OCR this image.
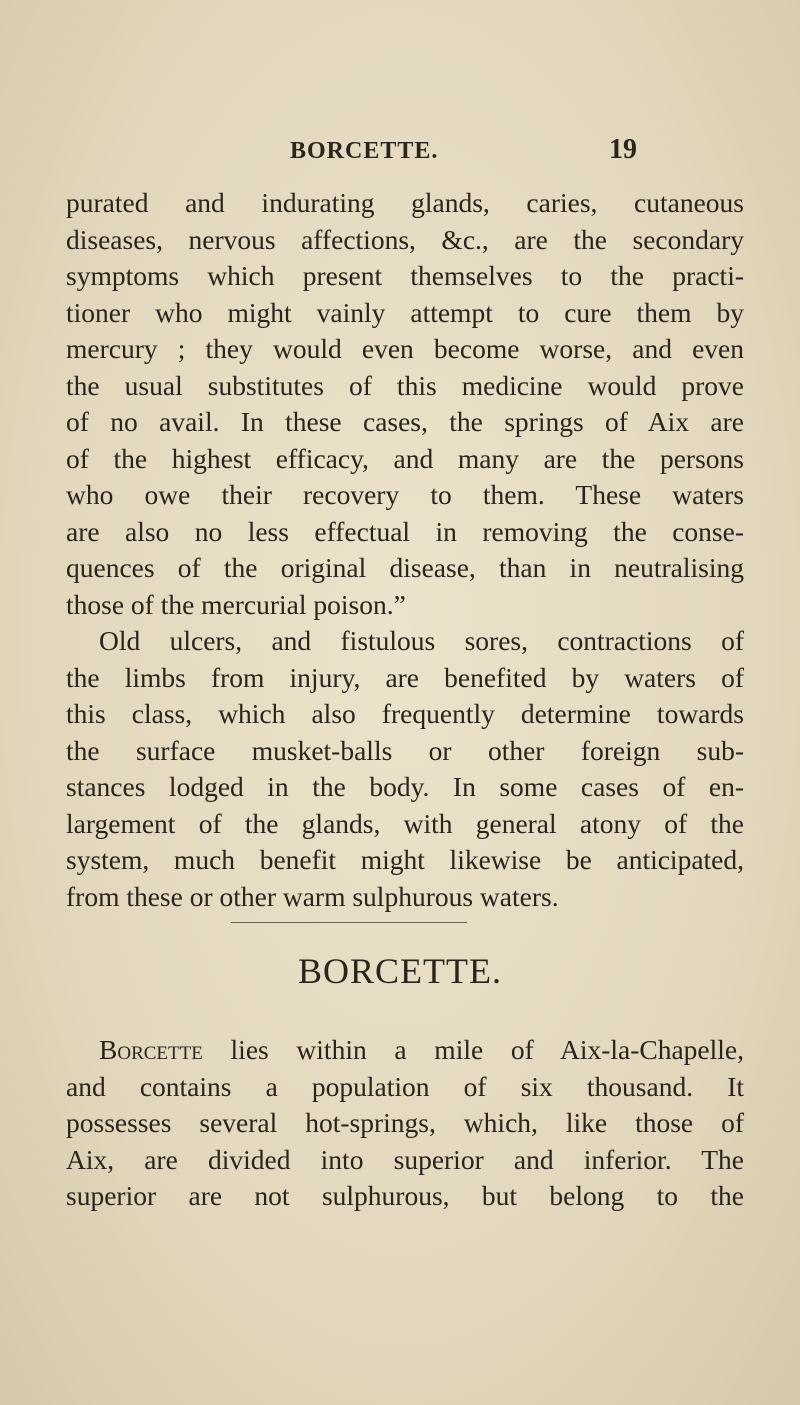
BORCETTE.	19
purated and indurating glands, caries, cutaneous
diseases, nervous affections, &c., are the secondary
symptoms which present themselves to the practi-
tioner who might vainly attempt to cure them by
mercury ; they would even become worse, and even
the usual substitutes of this medicine would prove
of no avail. In these cases, the springs of Aix are
of the highest efficacy, and many are the persons
who owe their recovery to them. These waters
are also no less effectual in removing the conse-
quences of the original disease, than in neutralising
those of the mercurial poison.”
Old ulcers, and fistulous sores, contractions of
the limbs from injury, are benefited by waters of
this class, which also frequently determine towards
the surface musket-balls or other foreign sub-
stances lodged in the body. In some cases of en-
largement of the glands, with general atony of the
system, much benefit might likewise be anticipated,
from these or other warm sulphurous waters.
BORCETTE.
Borcette lies within a mile of Aix-la-Chapelle,
and contains a population of six thousand. It
possesses several hot-springs, which, like those of
Aix, are divided into superior and inferior. The
superior are not sulphurous, but belong to the
